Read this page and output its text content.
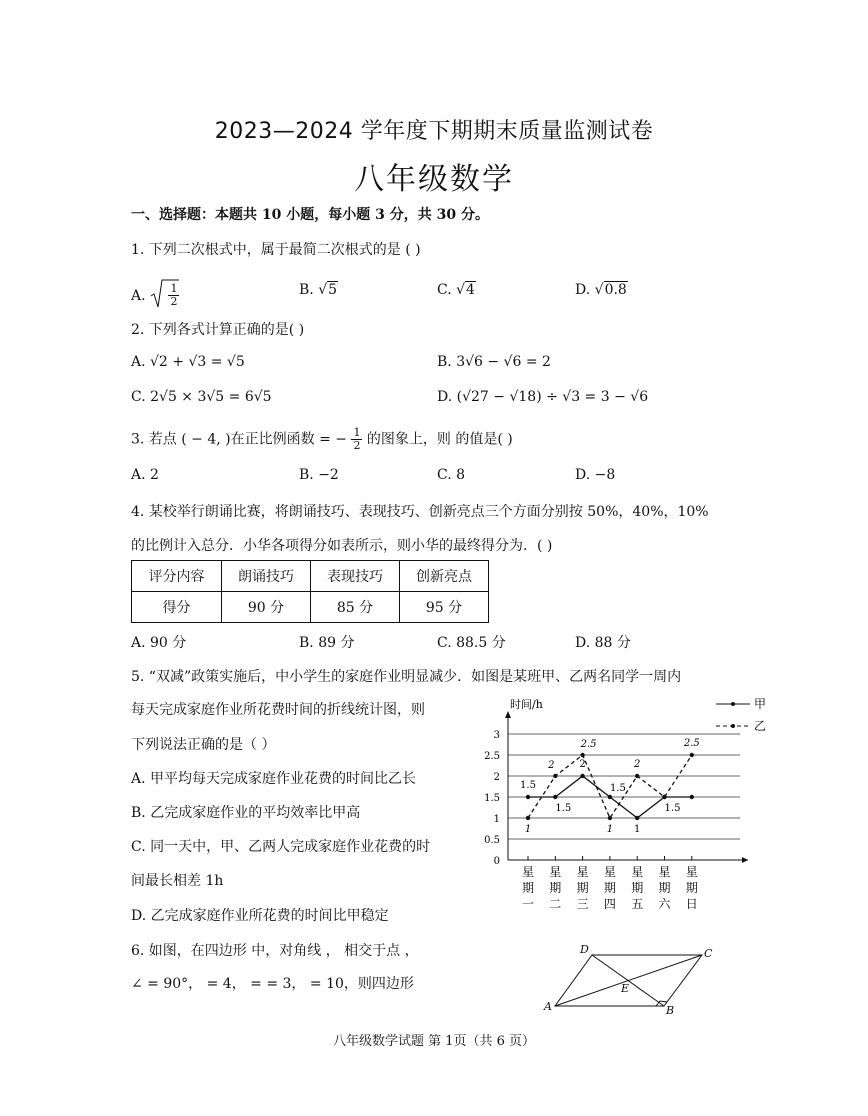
2023—2024 学年度下期期末质量监测试卷
八年级数学
一、选择题：本题共 10 小题，每小题 3 分，共 30 分。
1. 下列二次根式中，属于最简二次根式的是 ( )
A. $\frac{1}{2}$	B. √5	C. √4	D. √0.8
2. 下列各式计算正确的是( )
A. √2 + √3 = √5	B. 3√6 − √6 = 2
C. 2√5 × 3√5 = 6√5	D. (√27 − √18) ÷ √3 = 3 − √6
3. 若点 ( − 4, )在正比例函数 = − $\frac{1}{2}$ 的图象上，则 的值是( )
A. 2	B. −2	C. 8	D. −8
4. 某校举行朗诵比赛，将朗诵技巧、表现技巧、创新亮点三个方面分别按 50%，40%，10%
的比例计入总分．小华各项得分如表所示，则小华的最终得分为．( )
评分内容	朗诵技巧	表现技巧	创新亮点
得分	90 分	85 分	95 分
A. 90 分	B. 89 分	C. 88.5 分	D. 88 分
5. “双减”政策实施后，中小学生的家庭作业明显减少．如图是某班甲、乙两名同学一周内
每天完成家庭作业所花费时间的折线统计图，则
下列说法正确的是（ ）
A. 甲平均每天完成家庭作业花费的时间比乙长
B. 乙完成家庭作业的平均效率比甲高
C. 同一天中，甲、乙两人完成家庭作业花费的时
间最长相差 1h
D. 乙完成家庭作业所花费的时间比甲稳定
时间/h
0
0.5
1
1.5
2
2.5
3
星
期
一
星
期
二
星
期
三
星
期
四
星
期
五
星
期
六
星
期
日
1.5
1.5
2
1.5
1
1.5
1
2
2.5
1
2
2.5
甲
乙
6. 如图，在四边形 中，对角线 ， 相交于点 ，
∠ = 90°， = 4， = = 3， = 10，则四边形
A	B
C
D
E
八年级数学试题 第 1页（共 6 页）
